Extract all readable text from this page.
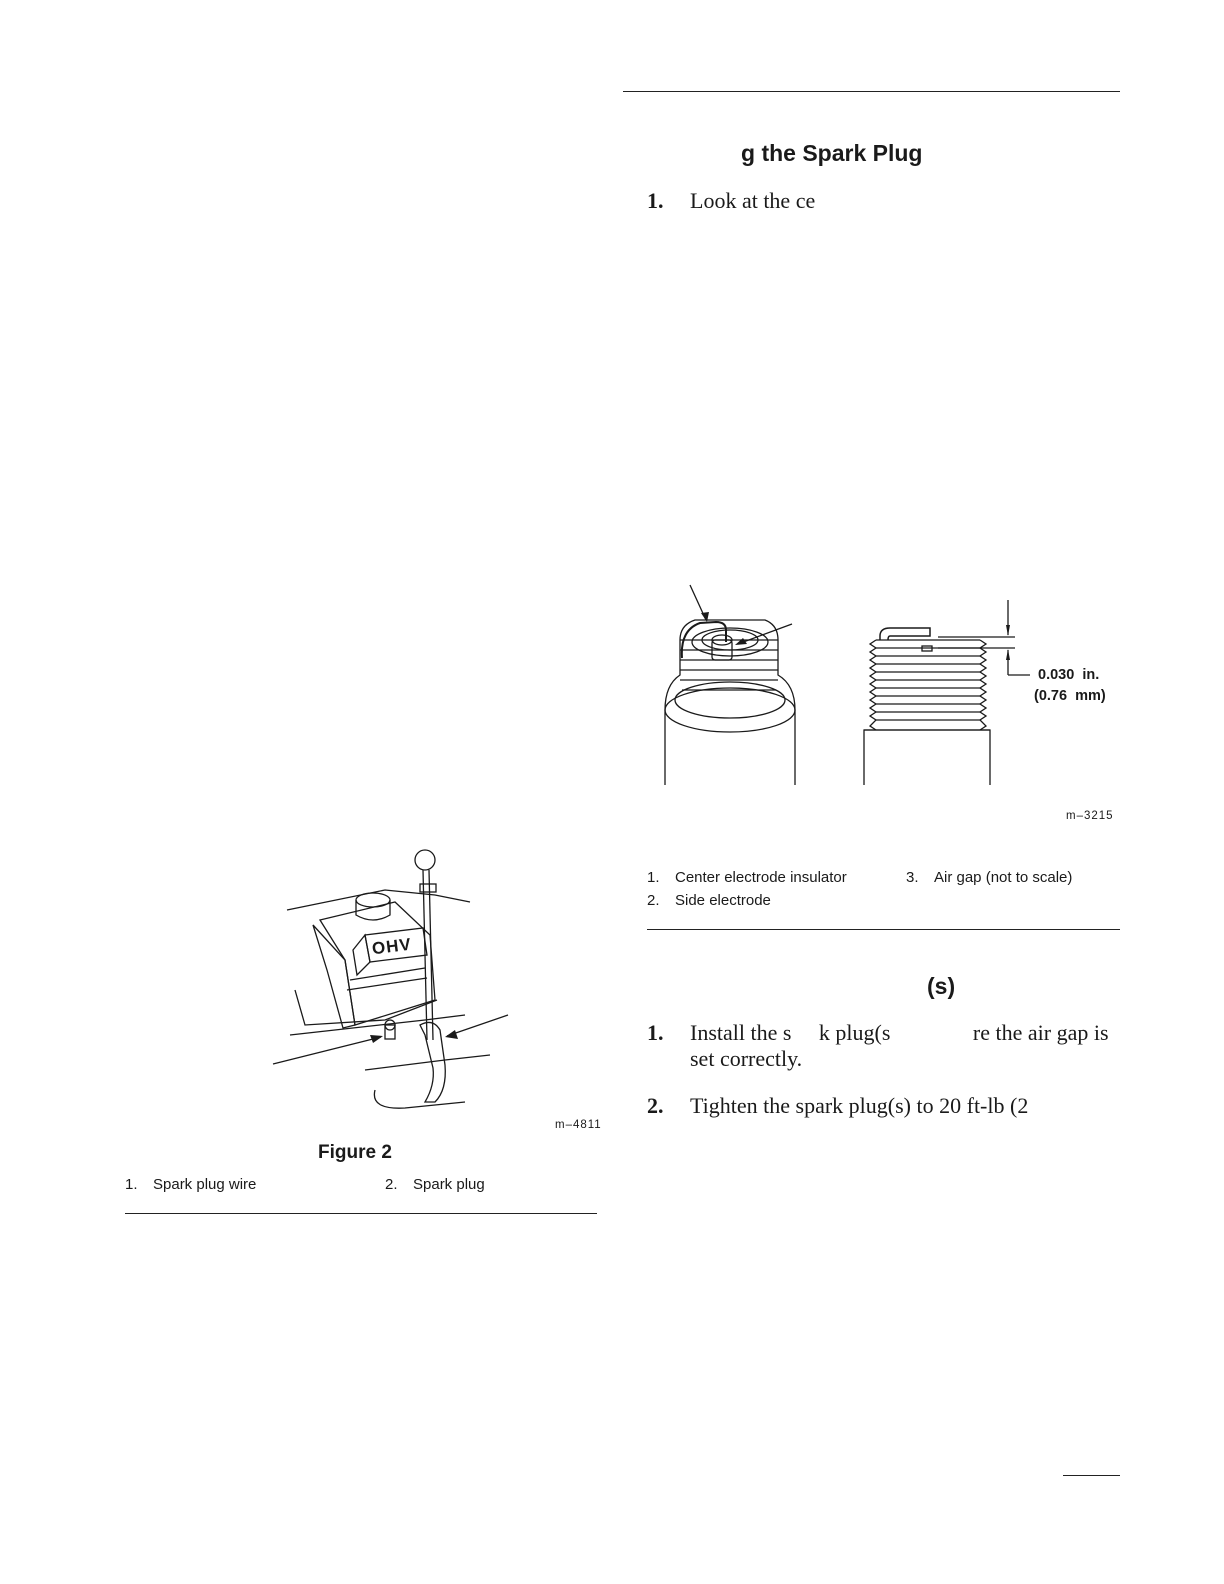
g the Spark Plug
1. Look at the ce
0.030  in.
(0.76  mm)
m–3215
1. Center electrode insulator
2. Side electrode
3. Air gap (not to scale)
(s)
1. Install the s     k plug(s               re the air gap is
set correctly.
2. Tighten the spark plug(s) to 20 ft-lb (2
OHV
m–4811
Figure 2
1. Spark plug wire	2. Spark plug
